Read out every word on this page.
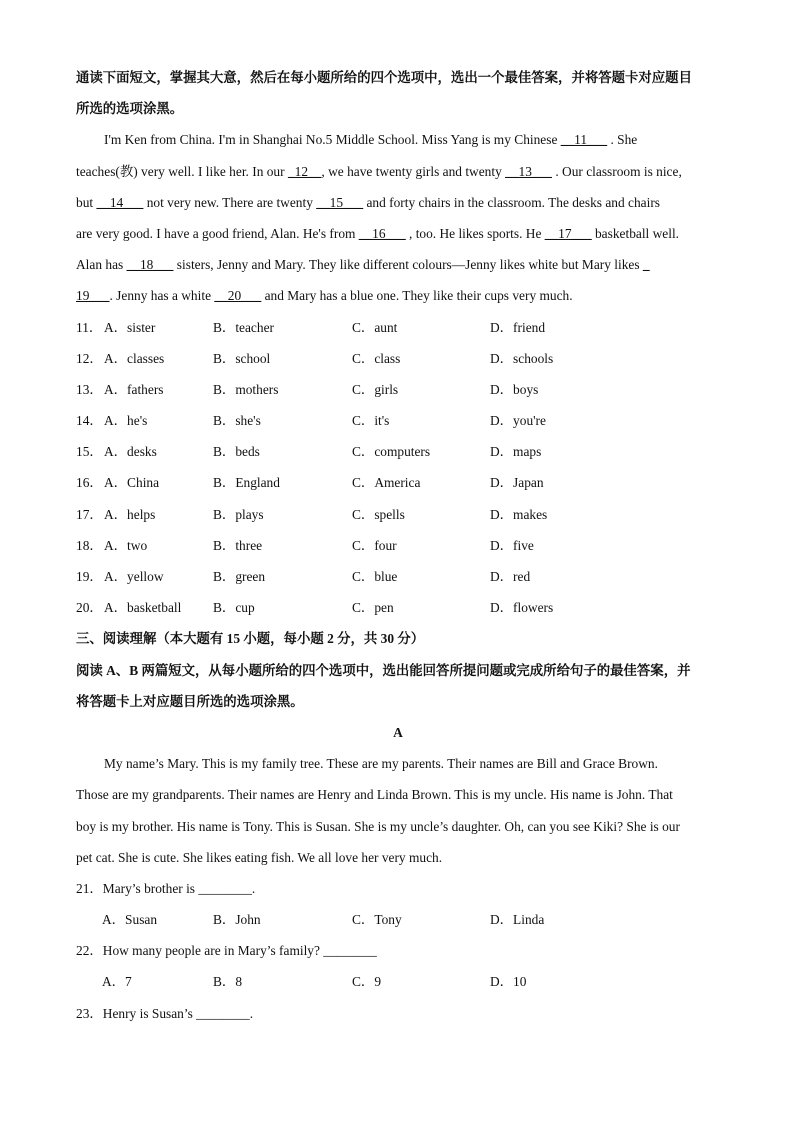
通读下面短文，掌握其大意，然后在每小题所给的四个选项中，选出一个最佳答案，并将答题卡对应题目
所选的选项涂黑。
I'm Ken from China. I'm in Shanghai No.5 Middle School. Miss Yang is my Chinese __11___ . She
teaches(教) very well. I like her. In our _12__, we have twenty girls and twenty __13___ . Our classroom is nice,
but __14___ not very new. There are twenty __15___ and forty chairs in the classroom. The desks and chairs
are very good. I have a good friend, Alan. He's from __16___ , too. He likes sports. He __17___ basketball well.
Alan has __18___ sisters, Jenny and Mary. They like different colours—Jenny likes white but Mary likes _
19___. Jenny has a white __20___ and Mary has a blue one. They like their cups very much.
11． A．sister	B．teacher	C．aunt	D．friend
12． A．classes	B．school	C．class	D．schools
13． A．fathers	B．mothers	C．girls	D．boys
14． A．he's	B．she's	C．it's	D．you're
15． A．desks	B．beds	C．computers	D．maps
16． A．China	B．England	C．America	D．Japan
17． A．helps	B．plays	C．spells	D．makes
18． A．two	B．three	C．four	D．five
19． A．yellow	B．green	C．blue	D．red
20． A．basketball B．cup	C．pen	D．flowers
三、阅读理解（本大题有 15 小题，每小题 2 分，共 30 分）
阅读 A、B 两篇短文，从每小题所给的四个选项中，选出能回答所提问题或完成所给句子的最佳答案，并
将答题卡上对应题目所选的选项涂黑。
A
My name’s Mary. This is my family tree. These are my parents. Their names are Bill and Grace Brown.
Those are my grandparents. Their names are Henry and Linda Brown. This is my uncle. His name is John. That
boy is my brother. His name is Tony. This is Susan. She is my uncle’s daughter. Oh, can you see Kiki? She is our
pet cat. She is cute. She likes eating fish. We all love her very much.
21．Mary’s brother is ________.
A．Susan	B．John	C．Tony	D．Linda
22．How many people are in Mary’s family? ________
A．7	B．8	C．9	D．10
23．Henry is Susan’s ________.
